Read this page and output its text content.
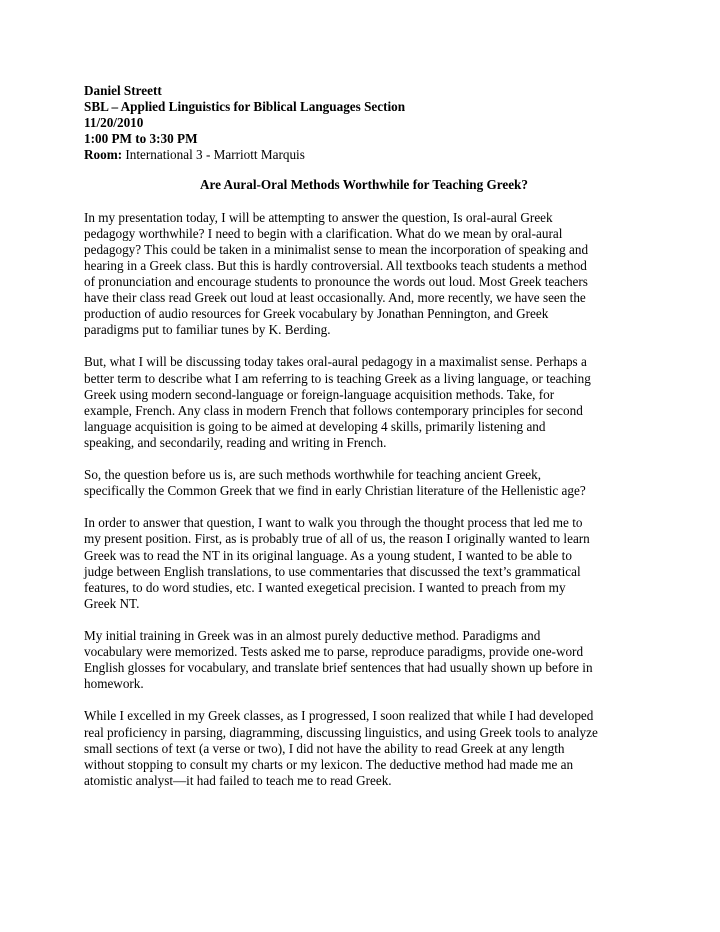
Daniel Streett
SBL – Applied Linguistics for Biblical Languages Section
11/20/2010
1:00 PM to 3:30 PM
Room: International 3 - Marriott Marquis
Are Aural-Oral Methods Worthwhile for Teaching Greek?
In my presentation today, I will be attempting to answer the question, Is oral-aural Greek
pedagogy worthwhile? I need to begin with a clarification. What do we mean by oral-aural
pedagogy? This could be taken in a minimalist sense to mean the incorporation of speaking and
hearing in a Greek class. But this is hardly controversial. All textbooks teach students a method
of pronunciation and encourage students to pronounce the words out loud. Most Greek teachers
have their class read Greek out loud at least occasionally. And, more recently, we have seen the
production of audio resources for Greek vocabulary by Jonathan Pennington, and Greek
paradigms put to familiar tunes by K. Berding.
But, what I will be discussing today takes oral-aural pedagogy in a maximalist sense. Perhaps a
better term to describe what I am referring to is teaching Greek as a living language, or teaching
Greek using modern second-language or foreign-language acquisition methods. Take, for
example, French. Any class in modern French that follows contemporary principles for second
language acquisition is going to be aimed at developing 4 skills, primarily listening and
speaking, and secondarily, reading and writing in French.
So, the question before us is, are such methods worthwhile for teaching ancient Greek,
specifically the Common Greek that we find in early Christian literature of the Hellenistic age?
In order to answer that question, I want to walk you through the thought process that led me to
my present position. First, as is probably true of all of us, the reason I originally wanted to learn
Greek was to read the NT in its original language. As a young student, I wanted to be able to
judge between English translations, to use commentaries that discussed the text’s grammatical
features, to do word studies, etc. I wanted exegetical precision. I wanted to preach from my
Greek NT.
My initial training in Greek was in an almost purely deductive method. Paradigms and
vocabulary were memorized. Tests asked me to parse, reproduce paradigms, provide one-word
English glosses for vocabulary, and translate brief sentences that had usually shown up before in
homework.
While I excelled in my Greek classes, as I progressed, I soon realized that while I had developed
real proficiency in parsing, diagramming, discussing linguistics, and using Greek tools to analyze
small sections of text (a verse or two), I did not have the ability to read Greek at any length
without stopping to consult my charts or my lexicon. The deductive method had made me an
atomistic analyst—it had failed to teach me to read Greek.
